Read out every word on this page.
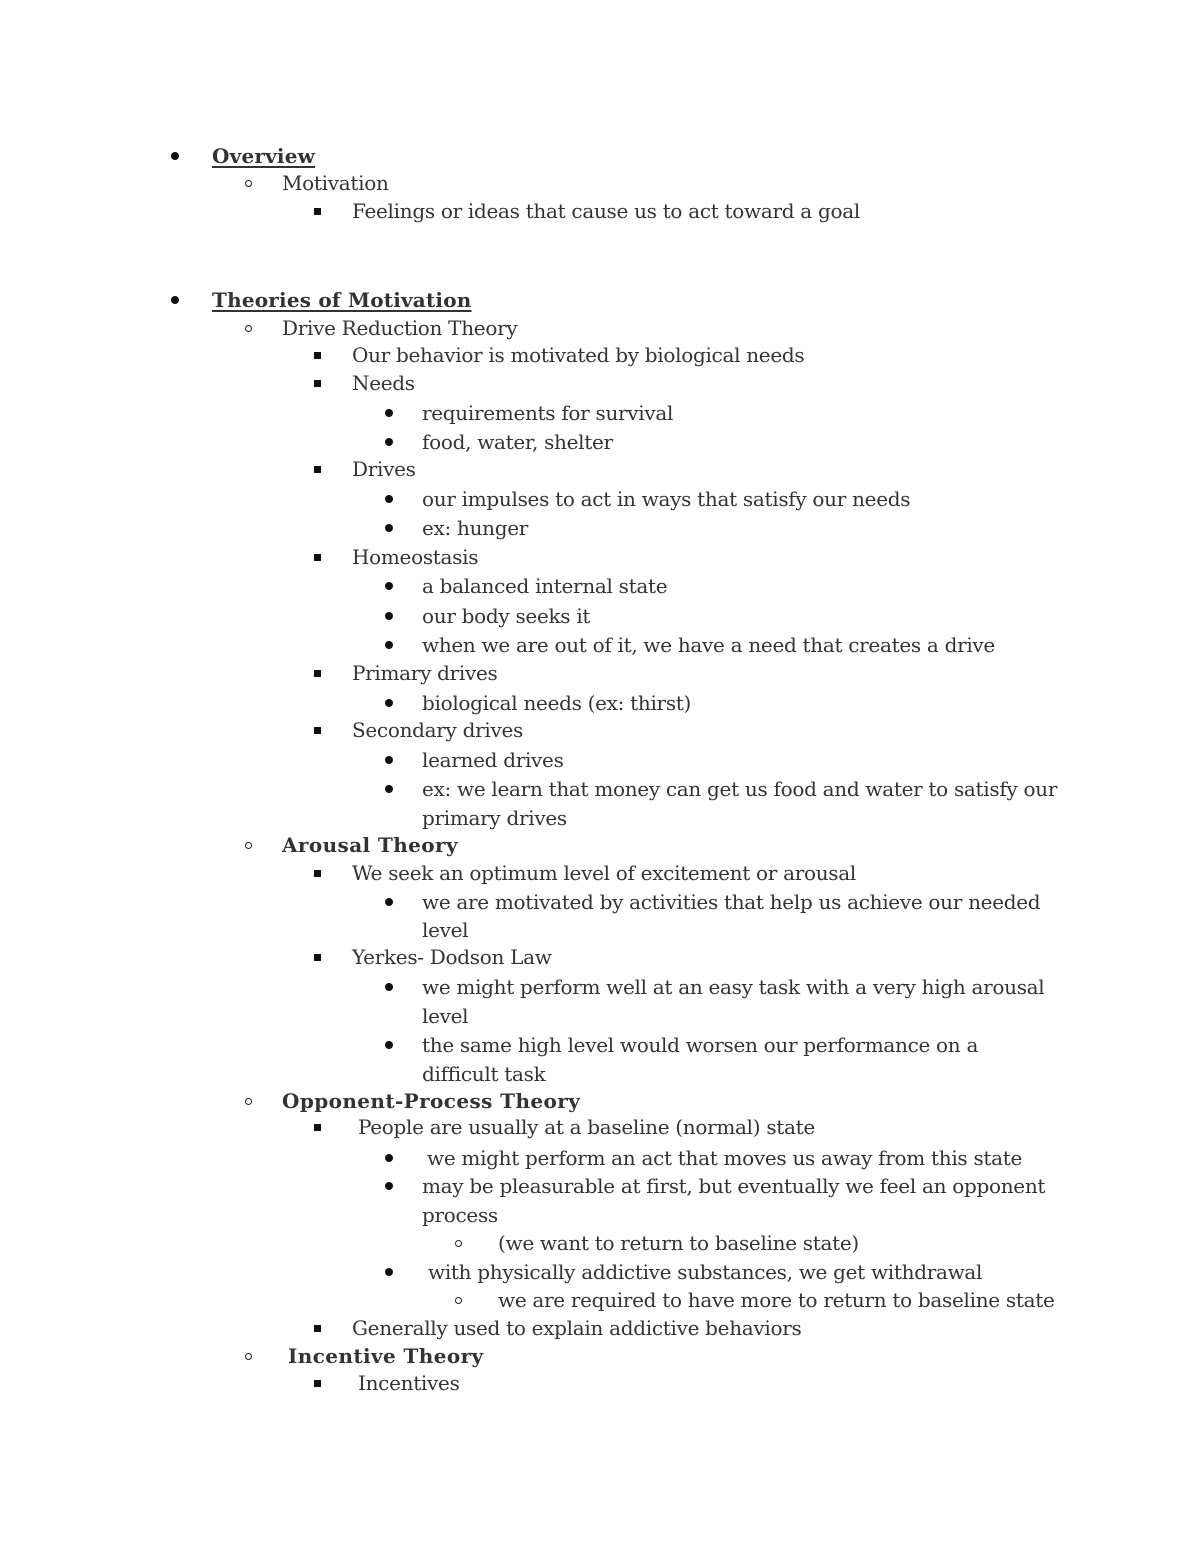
Overview
Motivation
Feelings or ideas that cause us to act toward a goal
Theories of Motivation
Drive Reduction Theory
Our behavior is motivated by biological needs
Needs
requirements for survival
food, water, shelter
Drives
our impulses to act in ways that satisfy our needs
ex: hunger
Homeostasis
a balanced internal state
our body seeks it
when we are out of it, we have a need that creates a drive
Primary drives
biological needs (ex: thirst)
Secondary drives
learned drives
ex: we learn that money can get us food and water to satisfy our
primary drives
Arousal Theory
We seek an optimum level of excitement or arousal
we are motivated by activities that help us achieve our needed
level
Yerkes- Dodson Law
we might perform well at an easy task with a very high arousal
level
the same high level would worsen our performance on a
difficult task
Opponent-Process Theory
People are usually at a baseline (normal) state
we might perform an act that moves us away from this state
may be pleasurable at first, but eventually we feel an opponent
process
(we want to return to baseline state)
with physically addictive substances, we get withdrawal
we are required to have more to return to baseline state
Generally used to explain addictive behaviors
Incentive Theory
Incentives
